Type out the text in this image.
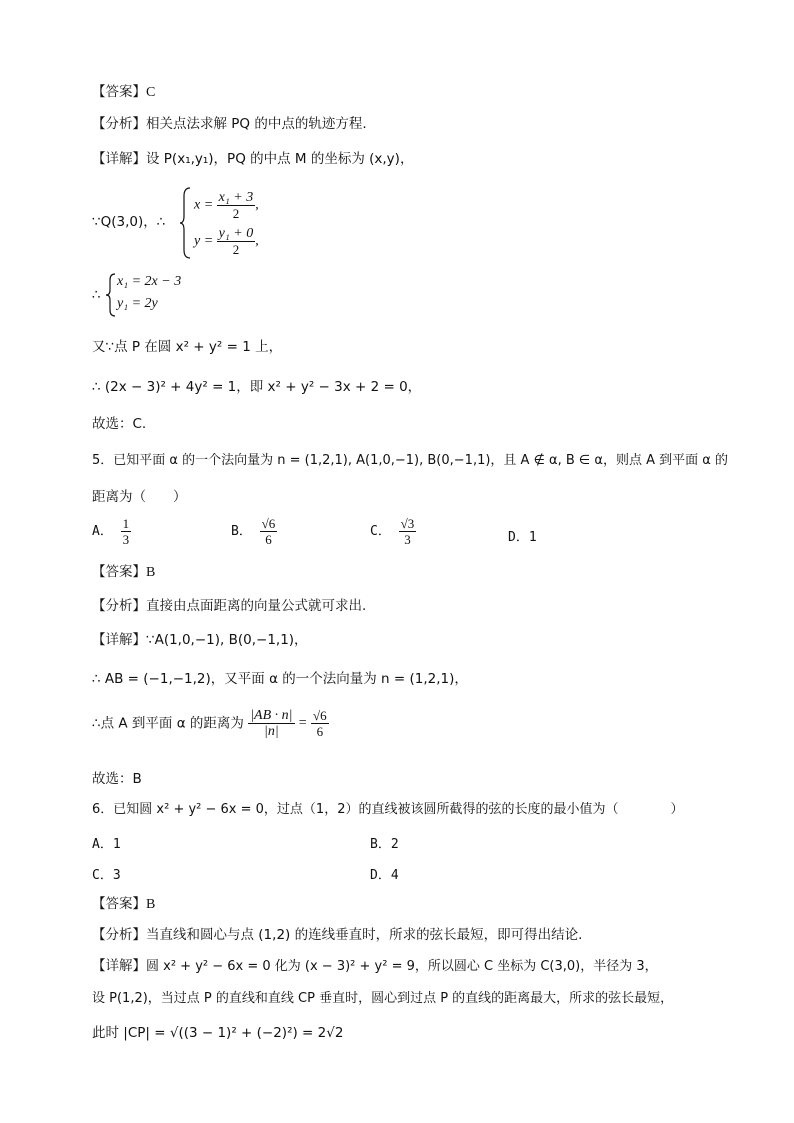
【答案】C
【分析】相关点法求解 PQ 的中点的轨迹方程.
【详解】设 P(x₁,y₁)，PQ 的中点 M 的坐标为 (x,y)，
∵Q(3,0)，∴
$x = \frac{\text{x₁ + 3}}{2}$ ,
$y = \frac{\text{y₁ + 0}}{2}$ ,
∴
x₁ = 2x − 3
y₁ = 2y
又∵点 P 在圆 x² + y² = 1 上，
∴ (2x − 3)² + 4y² = 1，即 x² + y² − 3x + 2 = 0，
故选：C.
5．已知平面 α 的一个法向量为 n = (1,2,1), A(1,0,−1), B(0,−1,1)，且 A ∉ α, B ∈ α，则点 A 到平面 α 的
距离为（　　）
A． $\frac{1}{3}$	B． $\frac{√6}{6}$	C． $\frac{√3}{3}$	D．1
【答案】B
【分析】直接由点面距离的向量公式就可求出.
【详解】∵A(1,0,−1), B(0,−1,1)，
∴ AB = (−1,−1,2)，又平面 α 的一个法向量为 n = (1,2,1)，
∴点 A 到平面 α 的距离为 $\frac{|AB \cdot n|}{|n|} = \frac{√6}{6}$
故选：B
6．已知圆 x² + y² − 6x = 0，过点（1，2）的直线被该圆所截得的弦的长度的最小值为（　　　　）
A．1	B．2
C．3	D．4
【答案】B
【分析】当直线和圆心与点 (1,2) 的连线垂直时，所求的弦长最短，即可得出结论.
【详解】圆 x² + y² − 6x = 0 化为 (x − 3)² + y² = 9，所以圆心 C 坐标为 C(3,0)，半径为 3，
设 P(1,2)，当过点 P 的直线和直线 CP 垂直时，圆心到过点 P 的直线的距离最大，所求的弦长最短，
此时 |CP| = √((3 − 1)² + (−2)²) = 2√2
